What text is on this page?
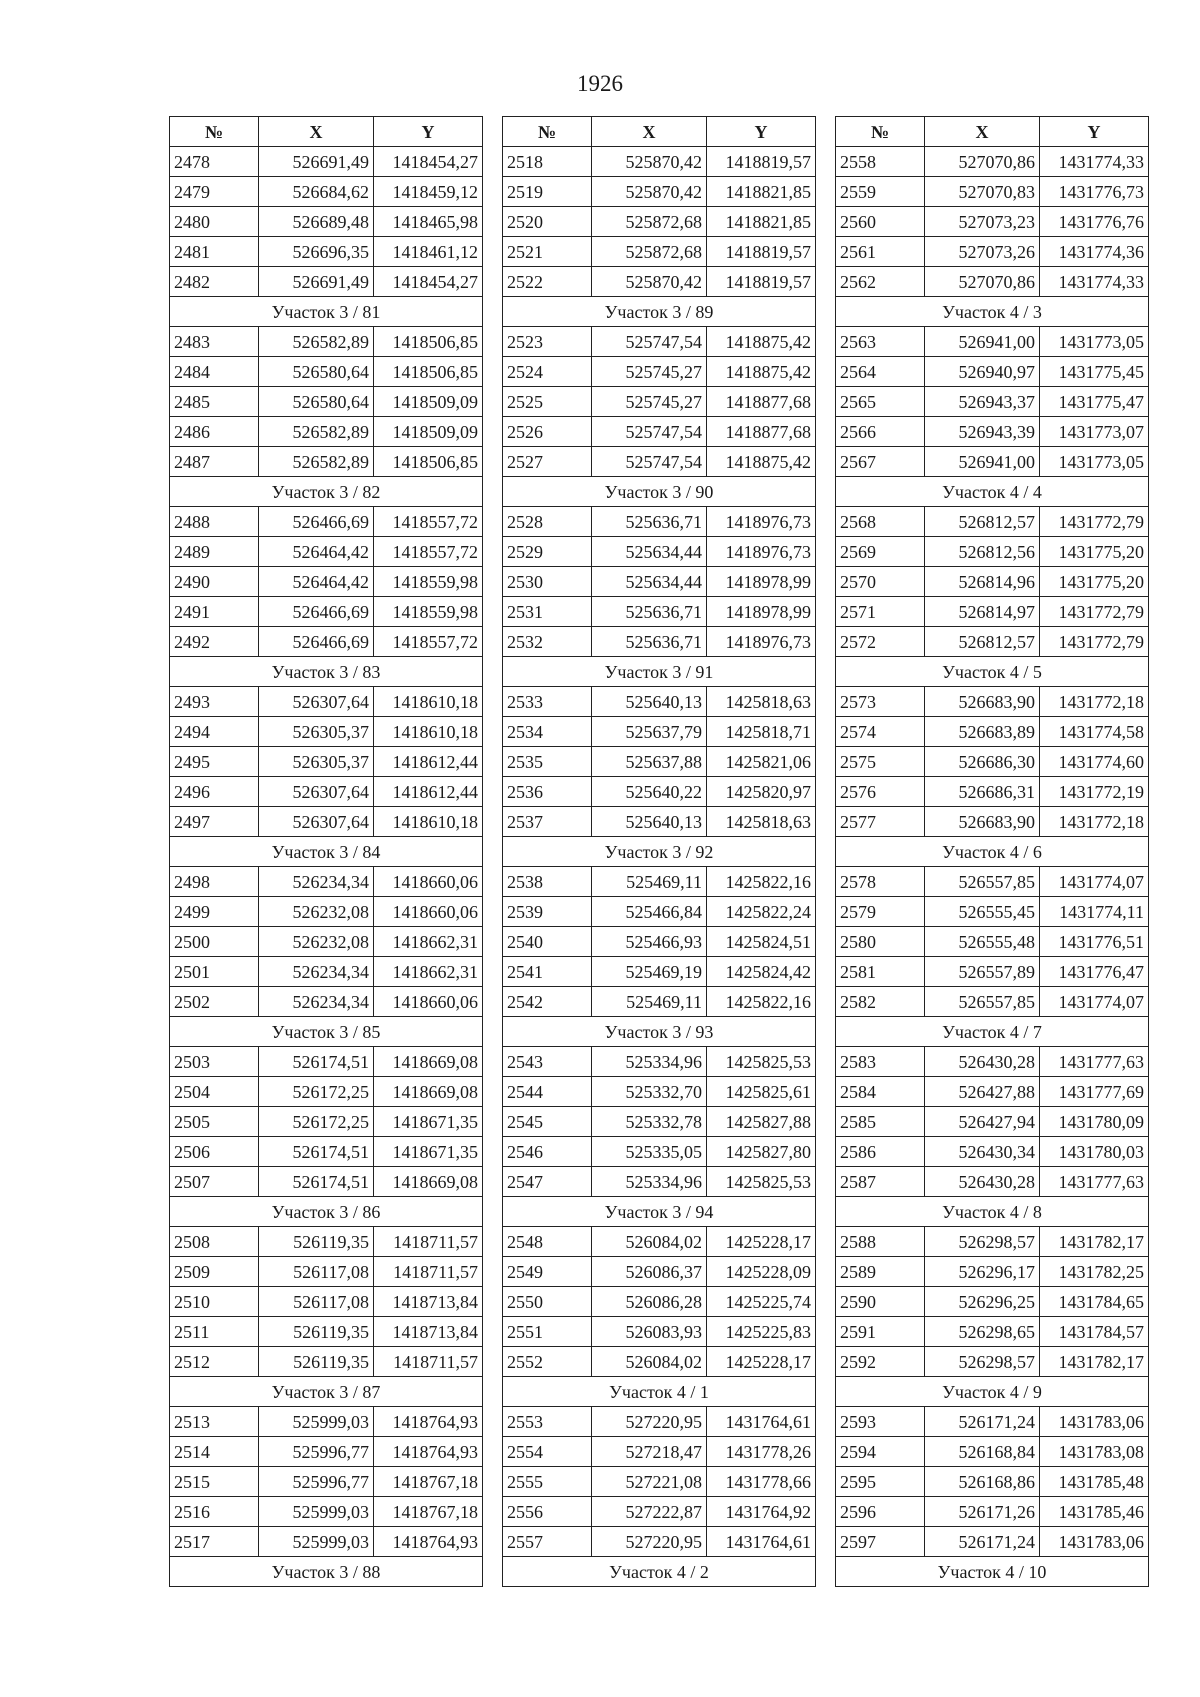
1926
№	X	Y
2478	526691,49	1418454,27
2479	526684,62	1418459,12
2480	526689,48	1418465,98
2481	526696,35	1418461,12
2482	526691,49	1418454,27
Участок 3 / 81		
2483	526582,89	1418506,85
2484	526580,64	1418506,85
2485	526580,64	1418509,09
2486	526582,89	1418509,09
2487	526582,89	1418506,85
Участок 3 / 82		
2488	526466,69	1418557,72
2489	526464,42	1418557,72
2490	526464,42	1418559,98
2491	526466,69	1418559,98
2492	526466,69	1418557,72
Участок 3 / 83		
2493	526307,64	1418610,18
2494	526305,37	1418610,18
2495	526305,37	1418612,44
2496	526307,64	1418612,44
2497	526307,64	1418610,18
Участок 3 / 84		
2498	526234,34	1418660,06
2499	526232,08	1418660,06
2500	526232,08	1418662,31
2501	526234,34	1418662,31
2502	526234,34	1418660,06
Участок 3 / 85		
2503	526174,51	1418669,08
2504	526172,25	1418669,08
2505	526172,25	1418671,35
2506	526174,51	1418671,35
2507	526174,51	1418669,08
Участок 3 / 86		
2508	526119,35	1418711,57
2509	526117,08	1418711,57
2510	526117,08	1418713,84
2511	526119,35	1418713,84
2512	526119,35	1418711,57
Участок 3 / 87		
2513	525999,03	1418764,93
2514	525996,77	1418764,93
2515	525996,77	1418767,18
2516	525999,03	1418767,18
2517	525999,03	1418764,93
Участок 3 / 88		
№	X	Y
2518	525870,42	1418819,57
2519	525870,42	1418821,85
2520	525872,68	1418821,85
2521	525872,68	1418819,57
2522	525870,42	1418819,57
Участок 3 / 89		
2523	525747,54	1418875,42
2524	525745,27	1418875,42
2525	525745,27	1418877,68
2526	525747,54	1418877,68
2527	525747,54	1418875,42
Участок 3 / 90		
2528	525636,71	1418976,73
2529	525634,44	1418976,73
2530	525634,44	1418978,99
2531	525636,71	1418978,99
2532	525636,71	1418976,73
Участок 3 / 91		
2533	525640,13	1425818,63
2534	525637,79	1425818,71
2535	525637,88	1425821,06
2536	525640,22	1425820,97
2537	525640,13	1425818,63
Участок 3 / 92		
2538	525469,11	1425822,16
2539	525466,84	1425822,24
2540	525466,93	1425824,51
2541	525469,19	1425824,42
2542	525469,11	1425822,16
Участок 3 / 93		
2543	525334,96	1425825,53
2544	525332,70	1425825,61
2545	525332,78	1425827,88
2546	525335,05	1425827,80
2547	525334,96	1425825,53
Участок 3 / 94		
2548	526084,02	1425228,17
2549	526086,37	1425228,09
2550	526086,28	1425225,74
2551	526083,93	1425225,83
2552	526084,02	1425228,17
Участок 4 / 1		
2553	527220,95	1431764,61
2554	527218,47	1431778,26
2555	527221,08	1431778,66
2556	527222,87	1431764,92
2557	527220,95	1431764,61
Участок 4 / 2		
№	X	Y
2558	527070,86	1431774,33
2559	527070,83	1431776,73
2560	527073,23	1431776,76
2561	527073,26	1431774,36
2562	527070,86	1431774,33
Участок 4 / 3		
2563	526941,00	1431773,05
2564	526940,97	1431775,45
2565	526943,37	1431775,47
2566	526943,39	1431773,07
2567	526941,00	1431773,05
Участок 4 / 4		
2568	526812,57	1431772,79
2569	526812,56	1431775,20
2570	526814,96	1431775,20
2571	526814,97	1431772,79
2572	526812,57	1431772,79
Участок 4 / 5		
2573	526683,90	1431772,18
2574	526683,89	1431774,58
2575	526686,30	1431774,60
2576	526686,31	1431772,19
2577	526683,90	1431772,18
Участок 4 / 6		
2578	526557,85	1431774,07
2579	526555,45	1431774,11
2580	526555,48	1431776,51
2581	526557,89	1431776,47
2582	526557,85	1431774,07
Участок 4 / 7		
2583	526430,28	1431777,63
2584	526427,88	1431777,69
2585	526427,94	1431780,09
2586	526430,34	1431780,03
2587	526430,28	1431777,63
Участок 4 / 8		
2588	526298,57	1431782,17
2589	526296,17	1431782,25
2590	526296,25	1431784,65
2591	526298,65	1431784,57
2592	526298,57	1431782,17
Участок 4 / 9		
2593	526171,24	1431783,06
2594	526168,84	1431783,08
2595	526168,86	1431785,48
2596	526171,26	1431785,46
2597	526171,24	1431783,06
Участок 4 / 10		
